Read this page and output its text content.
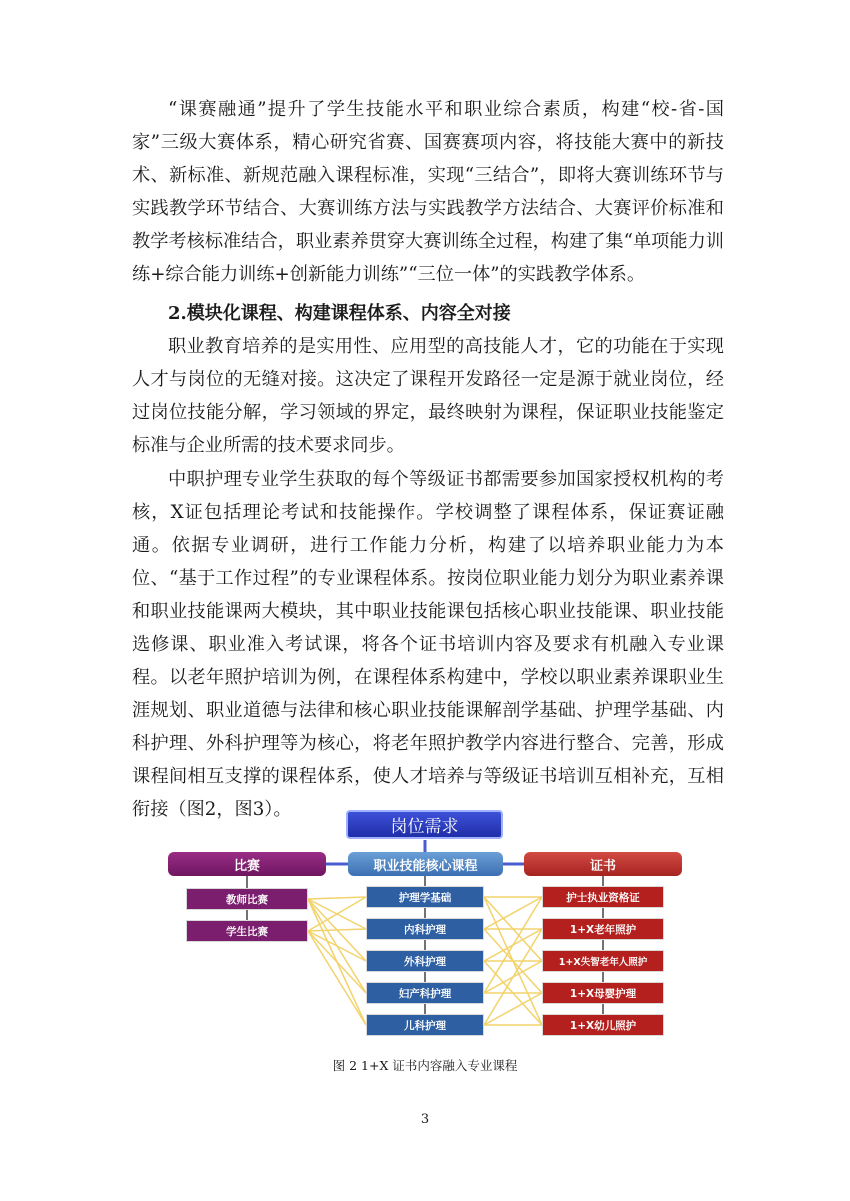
“课赛融通”提升了学生技能水平和职业综合素质，构建“校-省-国家”三级大赛体系，精心研究省赛、国赛赛项内容，将技能大赛中的新技术、新标准、新规范融入课程标准，实现“三结合”，即将大赛训练环节与实践教学环节结合、大赛训练方法与实践教学方法结合、大赛评价标准和教学考核标准结合，职业素养贯穿大赛训练全过程，构建了集“单项能力训练+综合能力训练+创新能力训练”“三位一体”的实践教学体系。

2.模块化课程、构建课程体系、内容全对接

职业教育培养的是实用性、应用型的高技能人才，它的功能在于实现人才与岗位的无缝对接。这决定了课程开发路径一定是源于就业岗位，经过岗位技能分解，学习领域的界定，最终映射为课程，保证职业技能鉴定标准与企业所需的技术要求同步。

中职护理专业学生获取的每个等级证书都需要参加国家授权机构的考核，X证包括理论考试和技能操作。学校调整了课程体系，保证赛证融通。依据专业调研，进行工作能力分析，构建了以培养职业能力为本位、“基于工作过程”的专业课程体系。按岗位职业能力划分为职业素养课和职业技能课两大模块，其中职业技能课包括核心职业技能课、职业技能选修课、职业准入考试课，将各个证书培训内容及要求有机融入专业课程。以老年照护培训为例，在课程体系构建中，学校以职业素养课职业生涯规划、职业道德与法律和核心职业技能课解剖学基础、护理学基础、内科护理、外科护理等为核心，将老年照护教学内容进行整合、完善，形成课程间相互支撑的课程体系，使人才培养与等级证书培训互相补充，互相衔接（图2，图3）。

岗位需求
比赛	职业技能核心课程	证书
教师比赛
学生比赛
护理学基础
内科护理
外科护理
妇产科护理
儿科护理
护士执业资格证
1+X老年照护
1+X失智老年人照护
1+X母婴护理
1+X幼儿照护

图 2 1+X 证书内容融入专业课程

3
